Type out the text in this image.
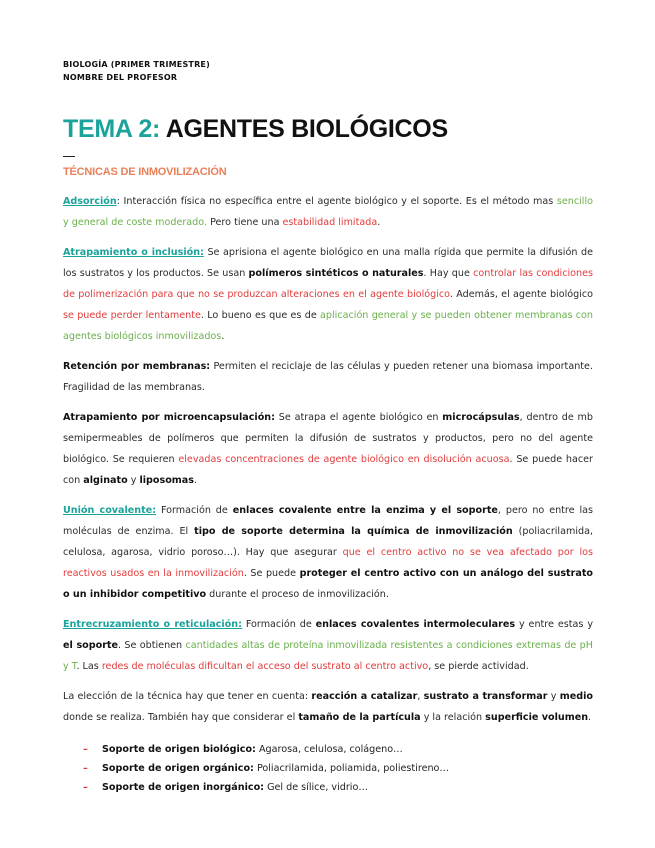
BIOLOGÍA (PRIMER TRIMESTRE)
NOMBRE DEL PROFESOR
TEMA 2: AGENTES BIOLÓGICOS
TÉCNICAS DE INMOVILIZACIÓN

Adsorción: Interacción física no específica entre el agente biológico y el soporte. Es el método mas sencillo y general de coste moderado. Pero tiene una estabilidad limitada.

Atrapamiento o inclusión: Se aprisiona el agente biológico en una malla rígida que permite la difusión de los sustratos y los productos. Se usan polímeros sintéticos o naturales. Hay que controlar las condiciones de polimerización para que no se produzcan alteraciones en el agente biológico. Además, el agente biológico se puede perder lentamente. Lo bueno es que es de aplicación general y se pueden obtener membranas con agentes biológicos inmovilizados.

Retención por membranas: Permiten el reciclaje de las células y pueden retener una biomasa importante. Fragilidad de las membranas.

Atrapamiento por microencapsulación: Se atrapa el agente biológico en microcápsulas, dentro de mb semipermeables de polímeros que permiten la difusión de sustratos y productos, pero no del agente biológico. Se requieren elevadas concentraciones de agente biológico en disolución acuosa. Se puede hacer con alginato y liposomas.

Unión covalente: Formación de enlaces covalente entre la enzima y el soporte, pero no entre las moléculas de enzima. El tipo de soporte determina la química de inmovilización (poliacrilamida, celulosa, agarosa, vidrio poroso…). Hay que asegurar que el centro activo no se vea afectado por los reactivos usados en la inmovilización. Se puede proteger el centro activo con un análogo del sustrato o un inhibidor competitivo durante el proceso de inmovilización.

Entrecruzamiento o reticulación: Formación de enlaces covalentes intermoleculares y entre estas y el soporte. Se obtienen cantidades altas de proteína inmovilizada resistentes a condiciones extremas de pH y T. Las redes de moléculas dificultan el acceso del sustrato al centro activo, se pierde actividad.

La elección de la técnica hay que tener en cuenta: reacción a catalizar, sustrato a transformar y medio donde se realiza. También hay que considerar el tamaño de la partícula y la relación superficie volumen.

– Soporte de origen biológico: Agarosa, celulosa, colágeno…
– Soporte de origen orgánico: Poliacrilamida, poliamida, poliestireno…
– Soporte de origen inorgánico: Gel de sílice, vidrio…
